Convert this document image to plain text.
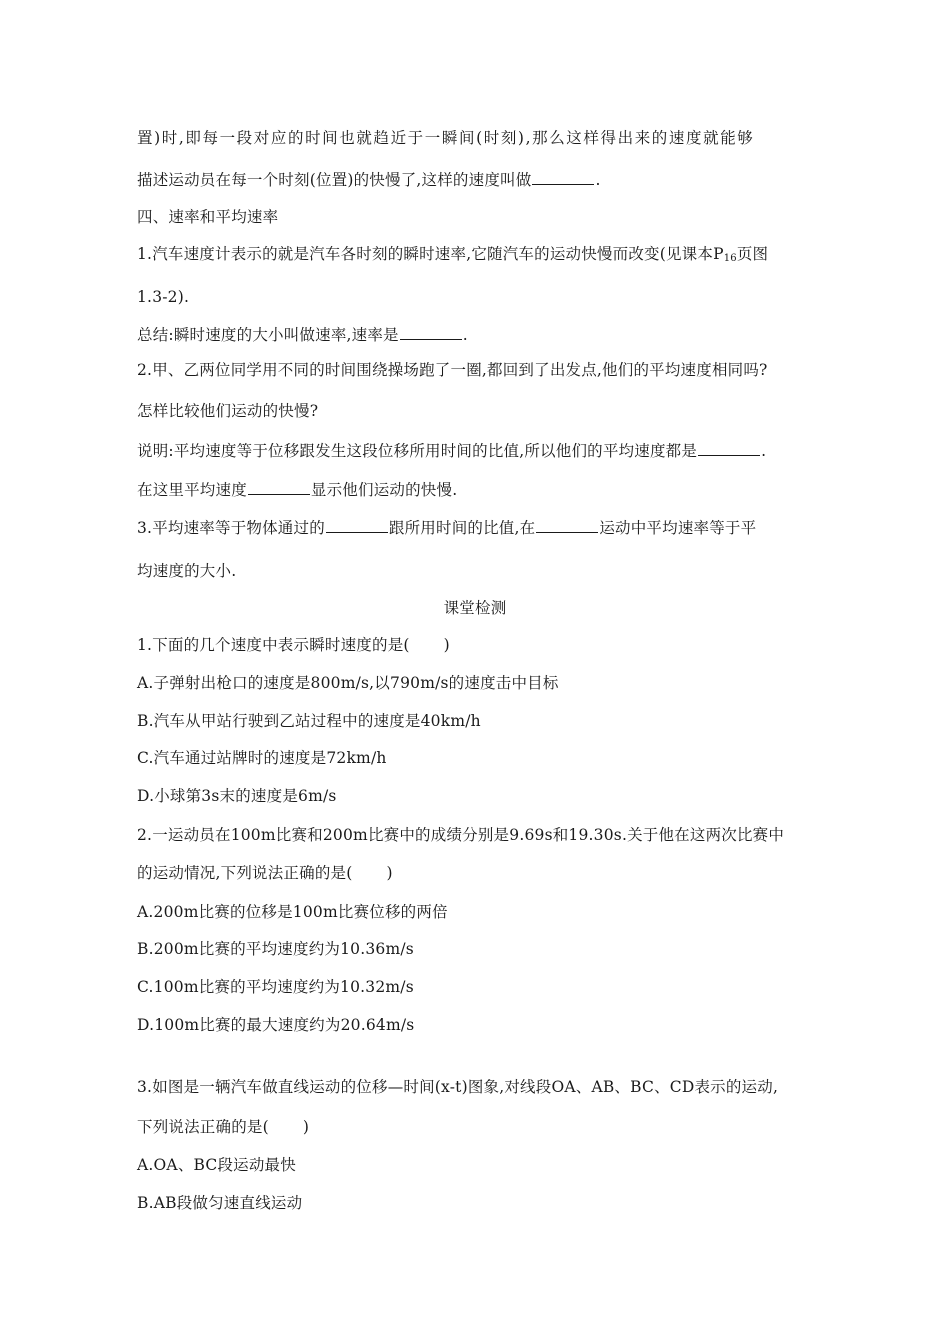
置)时,即每一段对应的时间也就趋近于一瞬间(时刻),那么这样得出来的速度就能够
描述运动员在每一个时刻(位置)的快慢了,这样的速度叫做	.
四、速率和平均速率
1.汽车速度计表示的就是汽车各时刻的瞬时速率,它随汽车的运动快慢而改变(见课本$P_{16}$页图
1.3-2).
总结:瞬时速度的大小叫做速率,速率是	.
2.甲、乙两位同学用不同的时间围绕操场跑了一圈,都回到了出发点,他们的平均速度相同吗?
怎样比较他们运动的快慢?
说明:平均速度等于位移跟发生这段位移所用时间的比值,所以他们的平均速度都是	.
在这里平均速度	显示他们运动的快慢.
3.平均速率等于物体通过的	跟所用时间的比值,在	运动中平均速率等于平
均速度的大小.
课堂检测
1.下面的几个速度中表示瞬时速度的是( )
A.子弹射出枪口的速度是800m/s,以790m/s的速度击中目标
B.汽车从甲站行驶到乙站过程中的速度是40km/h
C.汽车通过站牌时的速度是72km/h
D.小球第3s末的速度是6m/s
2.一运动员在100m比赛和200m比赛中的成绩分别是9.69s和19.30s.关于他在这两次比赛中
的运动情况,下列说法正确的是( )
A.200m比赛的位移是100m比赛位移的两倍
B.200m比赛的平均速度约为10.36m/s
C.100m比赛的平均速度约为10.32m/s
D.100m比赛的最大速度约为20.64m/s
3.如图是一辆汽车做直线运动的位移—时间(x-t)图象,对线段OA、AB、BC、CD表示的运动,
下列说法正确的是( )
A.OA、BC段运动最快
B.AB段做匀速直线运动
